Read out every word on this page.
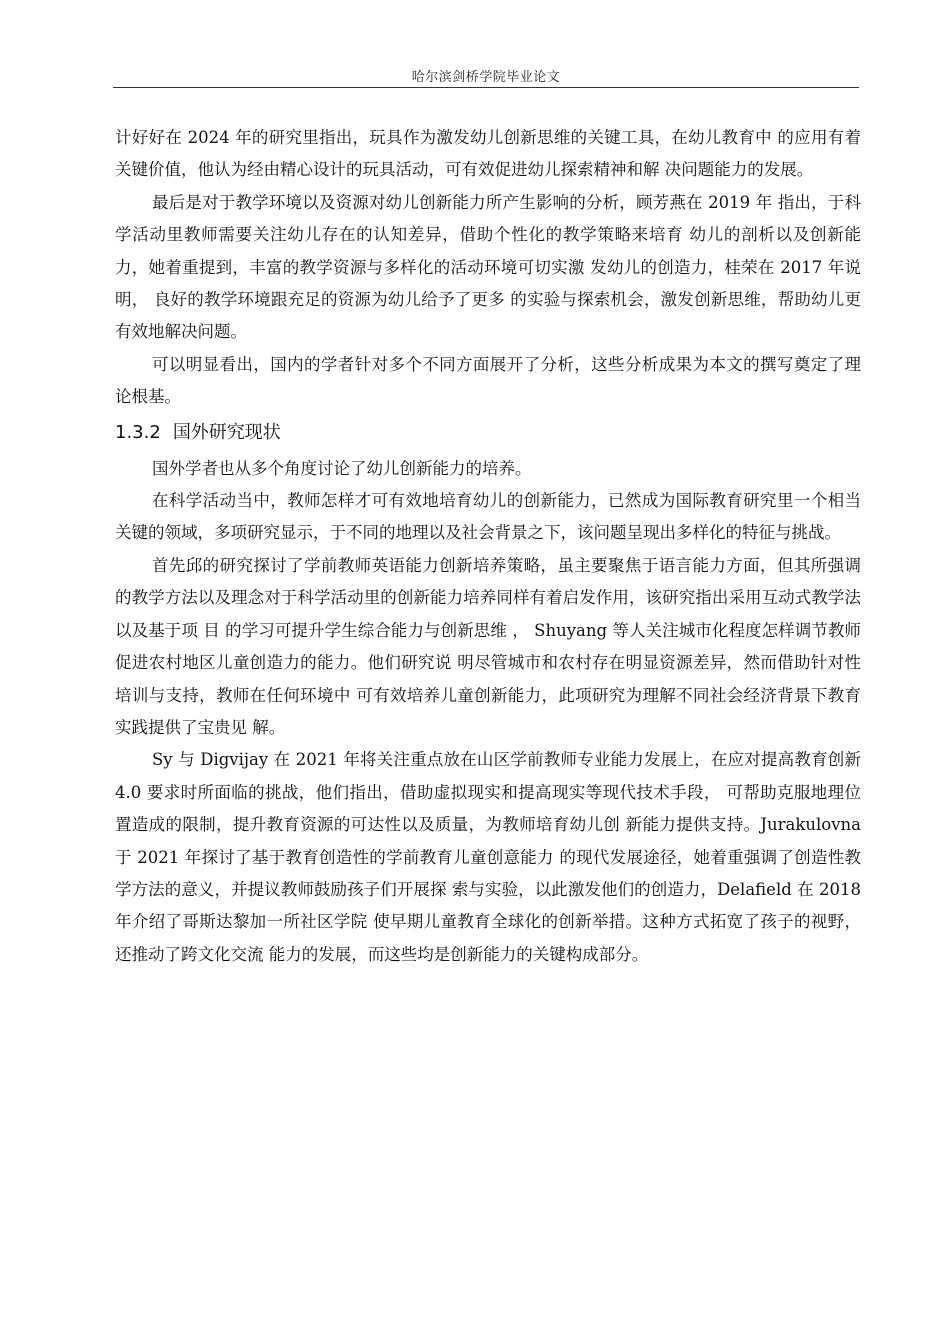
哈尔滨剑桥学院毕业论文

计好好在 2024 年的研究里指出，玩具作为激发幼儿创新思维的关键工具，在幼儿教育中 的应用有着关键价值，他认为经由精心设计的玩具活动，可有效促进幼儿探索精神和解 决问题能力的发展。

最后是对于教学环境以及资源对幼儿创新能力所产生影响的分析，顾芳燕在 2019 年 指出，于科学活动里教师需要关注幼儿存在的认知差异，借助个性化的教学策略来培育 幼儿的剖析以及创新能力，她着重提到，丰富的教学资源与多样化的活动环境可切实激 发幼儿的创造力，桂荣在 2017 年说明， 良好的教学环境跟充足的资源为幼儿给予了更多 的实验与探索机会，激发创新思维，帮助幼儿更有效地解决问题。

可以明显看出，国内的学者针对多个不同方面展开了分析，这些分析成果为本文的撰写奠定了理论根基。

1.3.2 国外研究现状

国外学者也从多个角度讨论了幼儿创新能力的培养。

在科学活动当中，教师怎样才可有效地培育幼儿的创新能力，已然成为国际教育研究里一个相当关键的领域，多项研究显示，于不同的地理以及社会背景之下，该问题呈现出多样化的特征与挑战。

首先邱的研究探讨了学前教师英语能力创新培养策略，虽主要聚焦于语言能力方面，但其所强调的教学方法以及理念对于科学活动里的创新能力培养同样有着启发作用，该研究指出采用互动式教学法以及基于项 目 的学习可提升学生综合能力与创新思维 ， Shuyang 等人关注城市化程度怎样调节教师促进农村地区儿童创造力的能力。他们研究说 明尽管城市和农村存在明显资源差异，然而借助针对性培训与支持，教师在任何环境中 可有效培养儿童创新能力，此项研究为理解不同社会经济背景下教育实践提供了宝贵见 解。

Sy 与 Digvijay 在 2021 年将关注重点放在山区学前教师专业能力发展上，在应对提高教育创新 4.0 要求时所面临的挑战，他们指出，借助虚拟现实和提高现实等现代技术手段， 可帮助克服地理位置造成的限制，提升教育资源的可达性以及质量，为教师培育幼儿创 新能力提供支持。Jurakulovna 于 2021 年探讨了基于教育创造性的学前教育儿童创意能力 的现代发展途径，她着重强调了创造性教学方法的意义，并提议教师鼓励孩子们开展探 索与实验，以此激发他们的创造力，Delafield 在 2018 年介绍了哥斯达黎加一所社区学院 使早期儿童教育全球化的创新举措。这种方式拓宽了孩子的视野，还推动了跨文化交流 能力的发展，而这些均是创新能力的关键构成部分。
